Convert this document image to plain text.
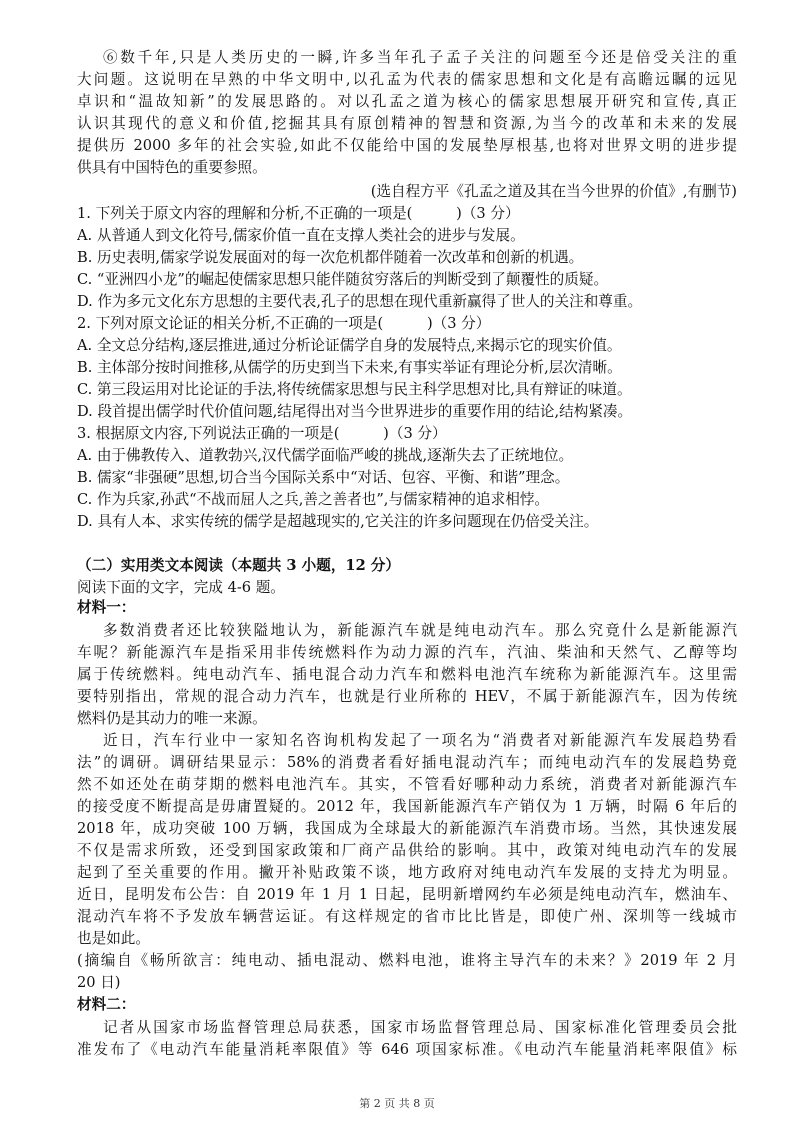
⑥数千年,只是人类历史的一瞬,许多当年孔子孟子关注的问题至今还是倍受关注的重
大问题。这说明在早熟的中华文明中,以孔孟为代表的儒家思想和文化是有高瞻远瞩的远见
卓识和“温故知新”的发展思路的。对以孔孟之道为核心的儒家思想展开研究和宣传,真正
认识其现代的意义和价值,挖掘其具有原创精神的智慧和资源,为当今的改革和未来的发展
提供历 2000 多年的社会实验,如此不仅能给中国的发展垫厚根基,也将对世界文明的进步提
供具有中国特色的重要参照。
(选自程方平《孔孟之道及其在当今世界的价值》,有删节)
1. 下列关于原文内容的理解和分析,不正确的一项是(　　　)（3 分）
A. 从普通人到文化符号,儒家价值一直在支撑人类社会的进步与发展。
B. 历史表明,儒家学说发展面对的每一次危机都伴随着一次改革和创新的机遇。
C. “亚洲四小龙”的崛起使儒家思想只能伴随贫穷落后的判断受到了颠覆性的质疑。
D. 作为多元文化东方思想的主要代表,孔子的思想在现代重新赢得了世人的关注和尊重。
2. 下列对原文论证的相关分析,不正确的一项是(　　　)（3 分）
A. 全文总分结构,逐层推进,通过分析论证儒学自身的发展特点,来揭示它的现实价值。
B. 主体部分按时间推移,从儒学的历史到当下未来,有事实举证有理论分析,层次清晰。
C. 第三段运用对比论证的手法,将传统儒家思想与民主科学思想对比,具有辩证的味道。
D. 段首提出儒学时代价值问题,结尾得出对当今世界进步的重要作用的结论,结构紧凑。
3. 根据原文内容,下列说法正确的一项是(　　　)（3 分）
A. 由于佛教传入、道教勃兴,汉代儒学面临严峻的挑战,逐渐失去了正统地位。
B. 儒家“非强硬”思想,切合当今国际关系中“对话、包容、平衡、和谐”理念。
C. 作为兵家,孙武“不战而屈人之兵,善之善者也”,与儒家精神的追求相悖。
D. 具有人本、求实传统的儒学是超越现实的,它关注的许多问题现在仍倍受关注。
（二）实用类文本阅读（本题共 3 小题，12 分）
阅读下面的文字，完成 4-6 题。
材料一：
多数消费者还比较狭隘地认为，新能源汽车就是纯电动汽车。那么究竟什么是新能源汽
车呢？新能源汽车是指采用非传统燃料作为动力源的汽车，汽油、柴油和天然气、乙醇等均
属于传统燃料。纯电动汽车、插电混合动力汽车和燃料电池汽车统称为新能源汽车。这里需
要特别指出，常规的混合动力汽车，也就是行业所称的 HEV，不属于新能源汽车，因为传统
燃料仍是其动力的唯一来源。
近日，汽车行业中一家知名咨询机构发起了一项名为“消费者对新能源汽车发展趋势看
法”的调研。调研结果显示：58%的消费者看好插电混动汽车；而纯电动汽车的发展趋势竟
然不如还处在萌芽期的燃料电池汽车。其实，不管看好哪种动力系统，消费者对新能源汽车
的接受度不断提高是毋庸置疑的。2012 年，我国新能源汽车产销仅为 1 万辆，时隔 6 年后的
2018 年，成功突破 100 万辆，我国成为全球最大的新能源汽车消费市场。当然，其快速发展
不仅是需求所致，还受到国家政策和厂商产品供给的影响。其中，政策对纯电动汽车的发展
起到了至关重要的作用。撇开补贴政策不谈，地方政府对纯电动汽车发展的支持尤为明显。
近日，昆明发布公告：自 2019 年 1 月 1 日起，昆明新增网约车必须是纯电动汽车，燃油车、
混动汽车将不予发放车辆营运证。有这样规定的省市比比皆是，即使广州、深圳等一线城市
也是如此。
(摘编自《畅所欲言：纯电动、插电混动、燃料电池，谁将主导汽车的未来？》2019 年 2 月
20 日)
材料二：
记者从国家市场监督管理总局获悉，国家市场监督管理总局、国家标准化管理委员会批
准发布了《电动汽车能量消耗率限值》等 646 项国家标准。《电动汽车能量消耗率限值》标
第 2 页 共 8 页
